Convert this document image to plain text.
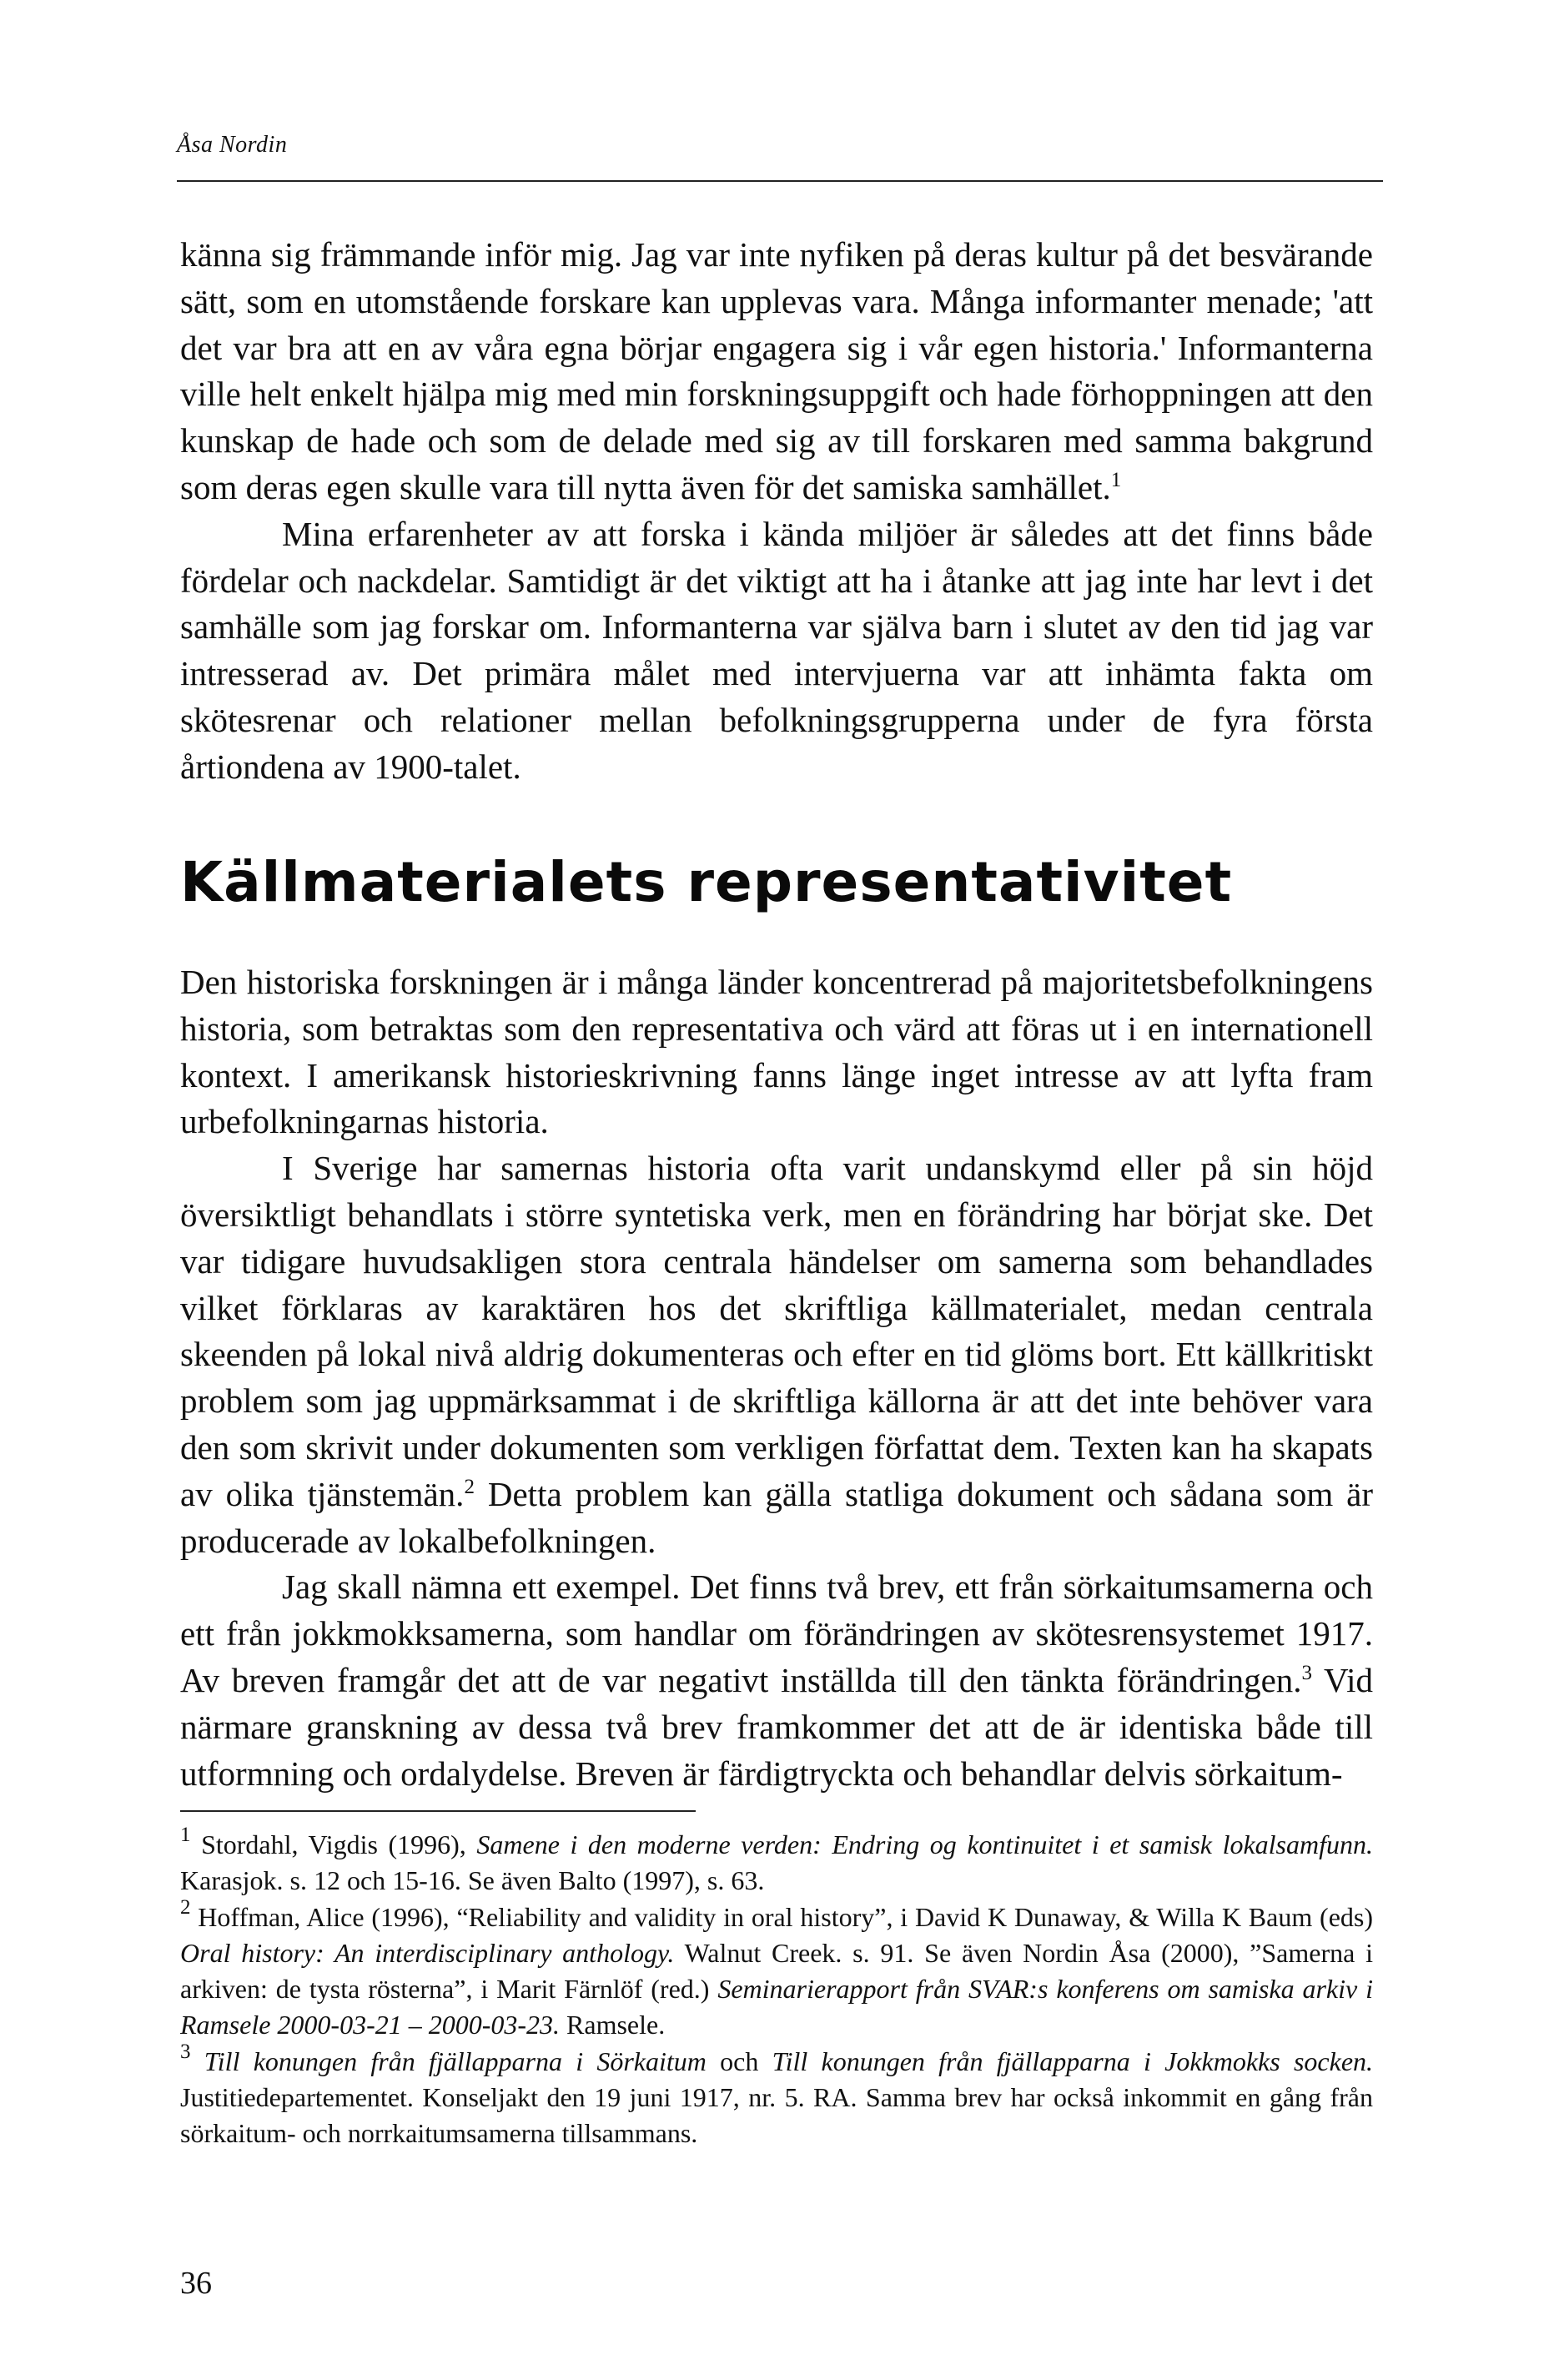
Åsa Nordin

känna sig främmande inför mig. Jag var inte nyfiken på deras kultur på det besvärande sätt, som en utomstående forskare kan upplevas vara. Många informanter menade; 'att det var bra att en av våra egna börjar engagera sig i vår egen historia.' Informanterna ville helt enkelt hjälpa mig med min forskningsuppgift och hade förhoppningen att den kunskap de hade och som de delade med sig av till forskaren med samma bakgrund som deras egen skulle vara till nytta även för det samiska samhället.$^1$

Mina erfarenheter av att forska i kända miljöer är således att det finns både fördelar och nackdelar. Samtidigt är det viktigt att ha i åtanke att jag inte har levt i det samhälle som jag forskar om. Informanterna var själva barn i slutet av den tid jag var intresserad av. Det primära målet med intervjuerna var att inhämta fakta om skötesrenar och relationer mellan befolkningsgrupperna under de fyra första årtiondena av 1900-talet.

Källmaterialets representativitet

Den historiska forskningen är i många länder koncentrerad på majoritetsbefolkningens historia, som betraktas som den representativa och värd att föras ut i en internationell kontext. I amerikansk historieskrivning fanns länge inget intresse av att lyfta fram urbefolkningarnas historia.

I Sverige har samernas historia ofta varit undanskymd eller på sin höjd översiktligt behandlats i större syntetiska verk, men en förändring har börjat ske. Det var tidigare huvudsakligen stora centrala händelser om samerna som behandlades vilket förklaras av karaktären hos det skriftliga källmaterialet, medan centrala skeenden på lokal nivå aldrig dokumenteras och efter en tid glöms bort. Ett källkritiskt problem som jag uppmärksammat i de skriftliga källorna är att det inte behöver vara den som skrivit under dokumenten som verkligen författat dem. Texten kan ha skapats av olika tjänstemän.$^2$ Detta problem kan gälla statliga dokument och sådana som är producerade av lokalbefolkningen.

Jag skall nämna ett exempel. Det finns två brev, ett från sörkaitumsamerna och ett från jokkmokksamerna, som handlar om förändringen av skötesrensystemet 1917. Av breven framgår det att de var negativt inställda till den tänkta förändringen.$^3$ Vid närmare granskning av dessa två brev framkommer det att de är identiska både till utformning och ordalydelse. Breven är färdigtryckta och behandlar delvis sörkaitum-

$^1$ Stordahl, Vigdis (1996), Samene i den moderne verden: Endring og kontinuitet i et samisk lokalsamfunn. Karasjok. s. 12 och 15-16. Se även Balto (1997), s. 63.

$^2$ Hoffman, Alice (1996), “Reliability and validity in oral history”, i David K Dunaway, & Willa K Baum (eds) Oral history: An interdisciplinary anthology. Walnut Creek. s. 91. Se även Nordin Åsa (2000), ”Samerna i arkiven: de tysta rösterna”, i Marit Färnlöf (red.) Seminarierapport från SVAR:s konferens om samiska arkiv i Ramsele 2000-03-21 – 2000-03-23. Ramsele.

$^3$ Till konungen från fjällapparna i Sörkaitum och Till konungen från fjällapparna i Jokkmokks socken. Justitiedepartementet. Konseljakt den 19 juni 1917, nr. 5. RA. Samma brev har också inkommit en gång från sörkaitum- och norrkaitumsamerna tillsammans.

36
